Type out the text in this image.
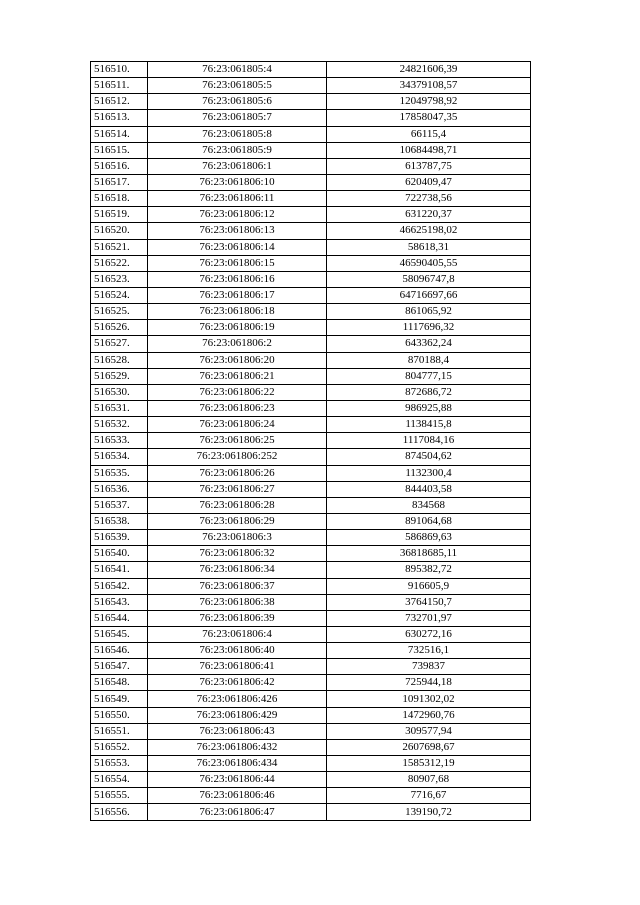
516510.	76:23:061805:4	24821606,39
516511.	76:23:061805:5	34379108,57
516512.	76:23:061805:6	12049798,92
516513.	76:23:061805:7	17858047,35
516514.	76:23:061805:8	66115,4
516515.	76:23:061805:9	10684498,71
516516.	76:23:061806:1	613787,75
516517.	76:23:061806:10	620409,47
516518.	76:23:061806:11	722738,56
516519.	76:23:061806:12	631220,37
516520.	76:23:061806:13	46625198,02
516521.	76:23:061806:14	58618,31
516522.	76:23:061806:15	46590405,55
516523.	76:23:061806:16	58096747,8
516524.	76:23:061806:17	64716697,66
516525.	76:23:061806:18	861065,92
516526.	76:23:061806:19	1117696,32
516527.	76:23:061806:2	643362,24
516528.	76:23:061806:20	870188,4
516529.	76:23:061806:21	804777,15
516530.	76:23:061806:22	872686,72
516531.	76:23:061806:23	986925,88
516532.	76:23:061806:24	1138415,8
516533.	76:23:061806:25	1117084,16
516534.	76:23:061806:252	874504,62
516535.	76:23:061806:26	1132300,4
516536.	76:23:061806:27	844403,58
516537.	76:23:061806:28	834568
516538.	76:23:061806:29	891064,68
516539.	76:23:061806:3	586869,63
516540.	76:23:061806:32	36818685,11
516541.	76:23:061806:34	895382,72
516542.	76:23:061806:37	916605,9
516543.	76:23:061806:38	3764150,7
516544.	76:23:061806:39	732701,97
516545.	76:23:061806:4	630272,16
516546.	76:23:061806:40	732516,1
516547.	76:23:061806:41	739837
516548.	76:23:061806:42	725944,18
516549.	76:23:061806:426	1091302,02
516550.	76:23:061806:429	1472960,76
516551.	76:23:061806:43	309577,94
516552.	76:23:061806:432	2607698,67
516553.	76:23:061806:434	1585312,19
516554.	76:23:061806:44	80907,68
516555.	76:23:061806:46	7716,67
516556.	76:23:061806:47	139190,72
